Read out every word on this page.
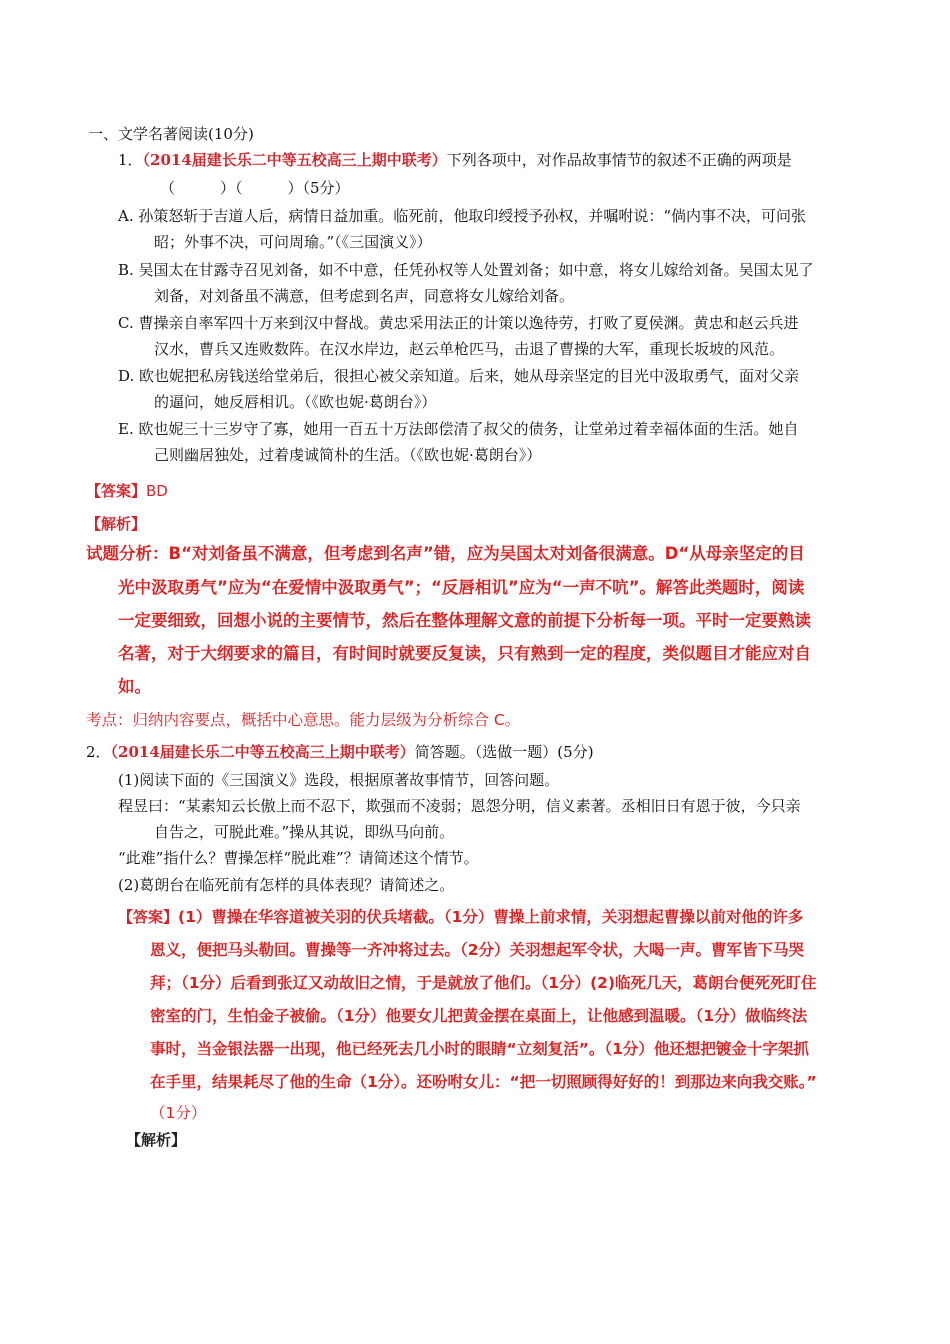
一、文学名著阅读(10分)
1．（2014届建长乐二中等五校高三上期中联考）下列各项中，对作品故事情节的叙述不正确的两项是
（　　　）（　　　）（5分）
A. 孙策怒斩于吉道人后，病情日益加重。临死前，他取印绶授予孙权，并嘱咐说：“倘内事不决，可问张
昭；外事不决，可问周瑜。”（《三国演义》）
B. 吴国太在甘露寺召见刘备，如不中意，任凭孙权等人处置刘备；如中意，将女儿嫁给刘备。吴国太见了
刘备，对刘备虽不满意，但考虑到名声，同意将女儿嫁给刘备。
C. 曹操亲自率军四十万来到汉中督战。黄忠采用法正的计策以逸待劳，打败了夏侯渊。黄忠和赵云兵进
汉水，曹兵又连败数阵。在汉水岸边，赵云单枪匹马，击退了曹操的大军，重现长坂坡的风范。
D. 欧也妮把私房钱送给堂弟后，很担心被父亲知道。后来，她从母亲坚定的目光中汲取勇气，面对父亲
的逼问，她反唇相讥。（《欧也妮·葛朗台》）
E. 欧也妮三十三岁守了寡，她用一百五十万法郎偿清了叔父的债务，让堂弟过着幸福体面的生活。她自
己则幽居独处，过着虔诚简朴的生活。（《欧也妮·葛朗台》）
【答案】BD
【解析】
试题分析：B“对刘备虽不满意，但考虑到名声”错，应为吴国太对刘备很满意。D“从母亲坚定的目
光中汲取勇气”应为“在爱情中汲取勇气”；“反唇相讥”应为“一声不吭”。解答此类题时，阅读
一定要细致，回想小说的主要情节，然后在整体理解文意的前提下分析每一项。平时一定要熟读
名著，对于大纲要求的篇目，有时间时就要反复读，只有熟到一定的程度，类似题目才能应对自
如。
考点：归纳内容要点，概括中心意思。能力层级为分析综合 C。
2．（2014届建长乐二中等五校高三上期中联考）简答题。（选做一题）(5分)
(1)阅读下面的《三国演义》选段，根据原著故事情节，回答问题。
程昱曰：“某素知云长傲上而不忍下，欺强而不凌弱；恩怨分明，信义素著。丞相旧日有恩于彼，今只亲
自告之，可脱此难。”操从其说，即纵马向前。
“此难”指什么？曹操怎样“脱此难”？请简述这个情节。
(2)葛朗台在临死前有怎样的具体表现？请简述之。
【答案】(1）曹操在华容道被关羽的伏兵堵截。（1分）曹操上前求情，关羽想起曹操以前对他的许多
恩义，便把马头勒回。曹操等一齐冲将过去。（2分）关羽想起军令状，大喝一声。曹军皆下马哭
拜；（1分）后看到张辽又动故旧之情，于是就放了他们。（1分）(2)临死几天，葛朗台便死死盯住
密室的门，生怕金子被偷。（1分）他要女儿把黄金摆在桌面上，让他感到温暖。（1分）做临终法
事时，当金银法器一出现，他已经死去几小时的眼睛“立刻复活”。（1分）他还想把镀金十字架抓
在手里，结果耗尽了他的生命（1分）。还吩咐女儿：“把一切照顾得好好的！到那边来向我交账。”
（1分）
【解析】
